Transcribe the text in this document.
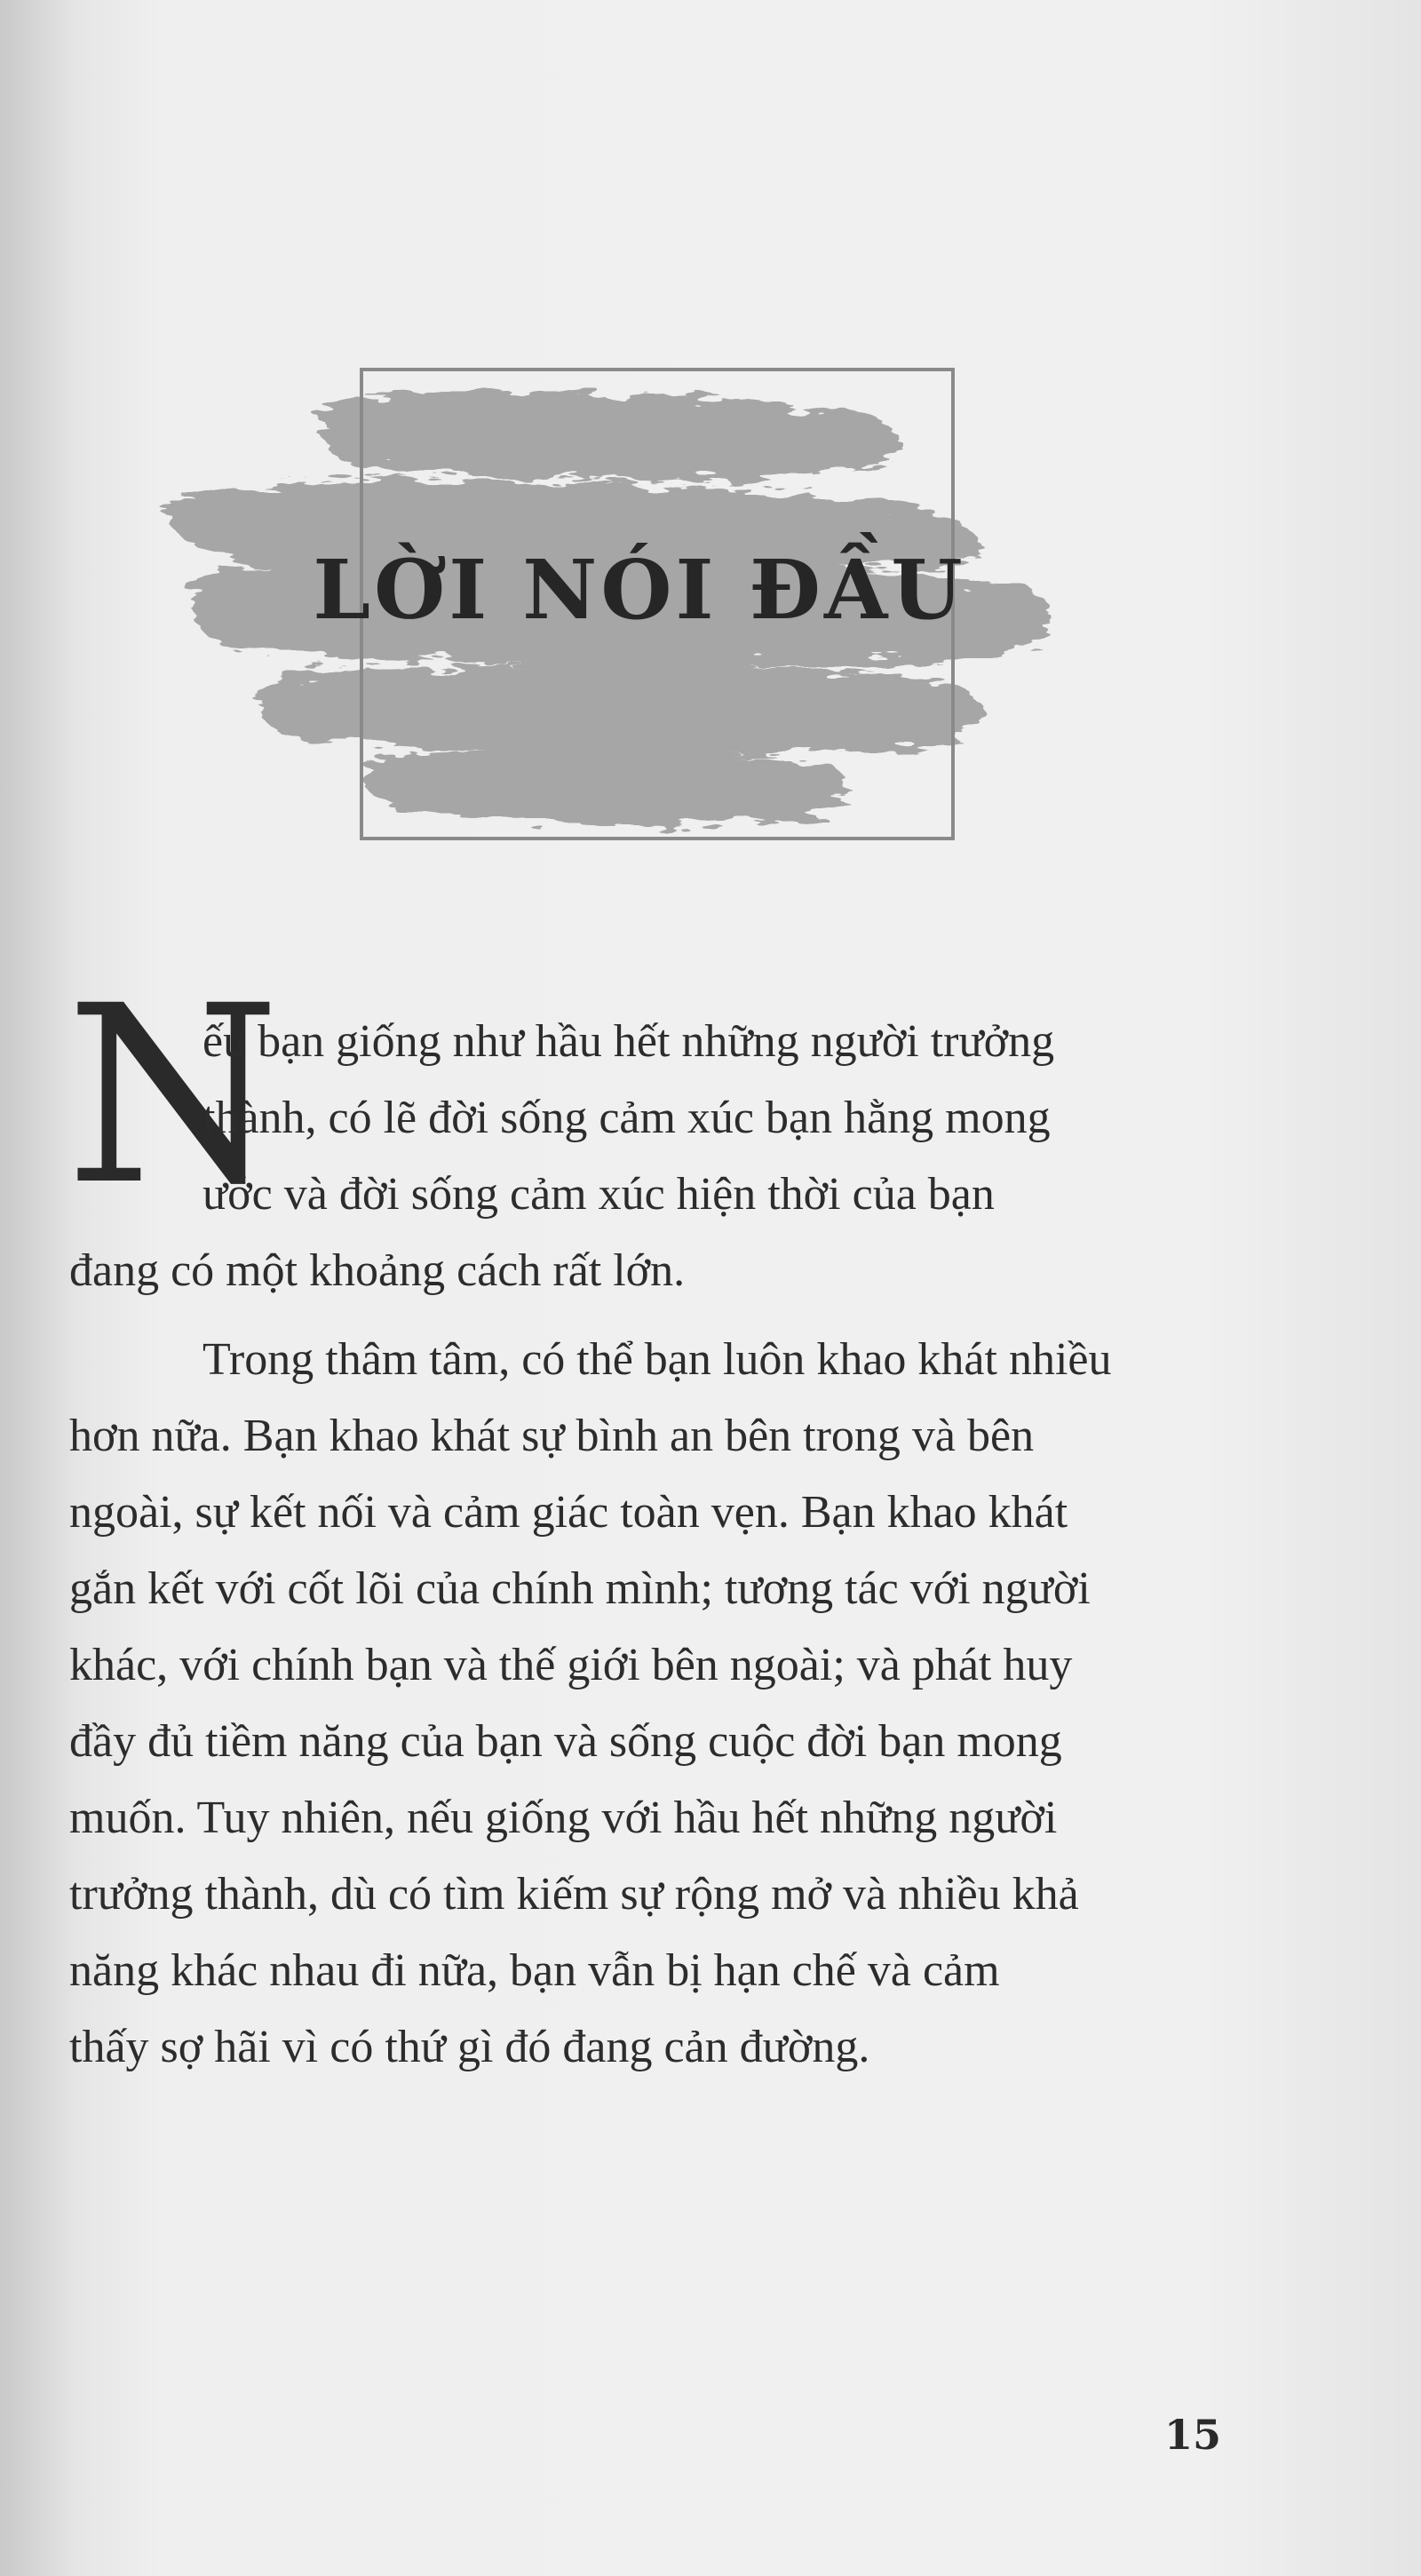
LỜI NÓI ĐẦU
N
ếu bạn giống như hầu hết những người trưởng
thành, có lẽ đời sống cảm xúc bạn hằng mong
ước và đời sống cảm xúc hiện thời của bạn
đang có một khoảng cách rất lớn.
Trong thâm tâm, có thể bạn luôn khao khát nhiều
hơn nữa. Bạn khao khát sự bình an bên trong và bên
ngoài, sự kết nối và cảm giác toàn vẹn. Bạn khao khát
gắn kết với cốt lõi của chính mình; tương tác với người
khác, với chính bạn và thế giới bên ngoài; và phát huy
đầy đủ tiềm năng của bạn và sống cuộc đời bạn mong
muốn. Tuy nhiên, nếu giống với hầu hết những người
trưởng thành, dù có tìm kiếm sự rộng mở và nhiều khả
năng khác nhau đi nữa, bạn vẫn bị hạn chế và cảm
thấy sợ hãi vì có thứ gì đó đang cản đường.
15
